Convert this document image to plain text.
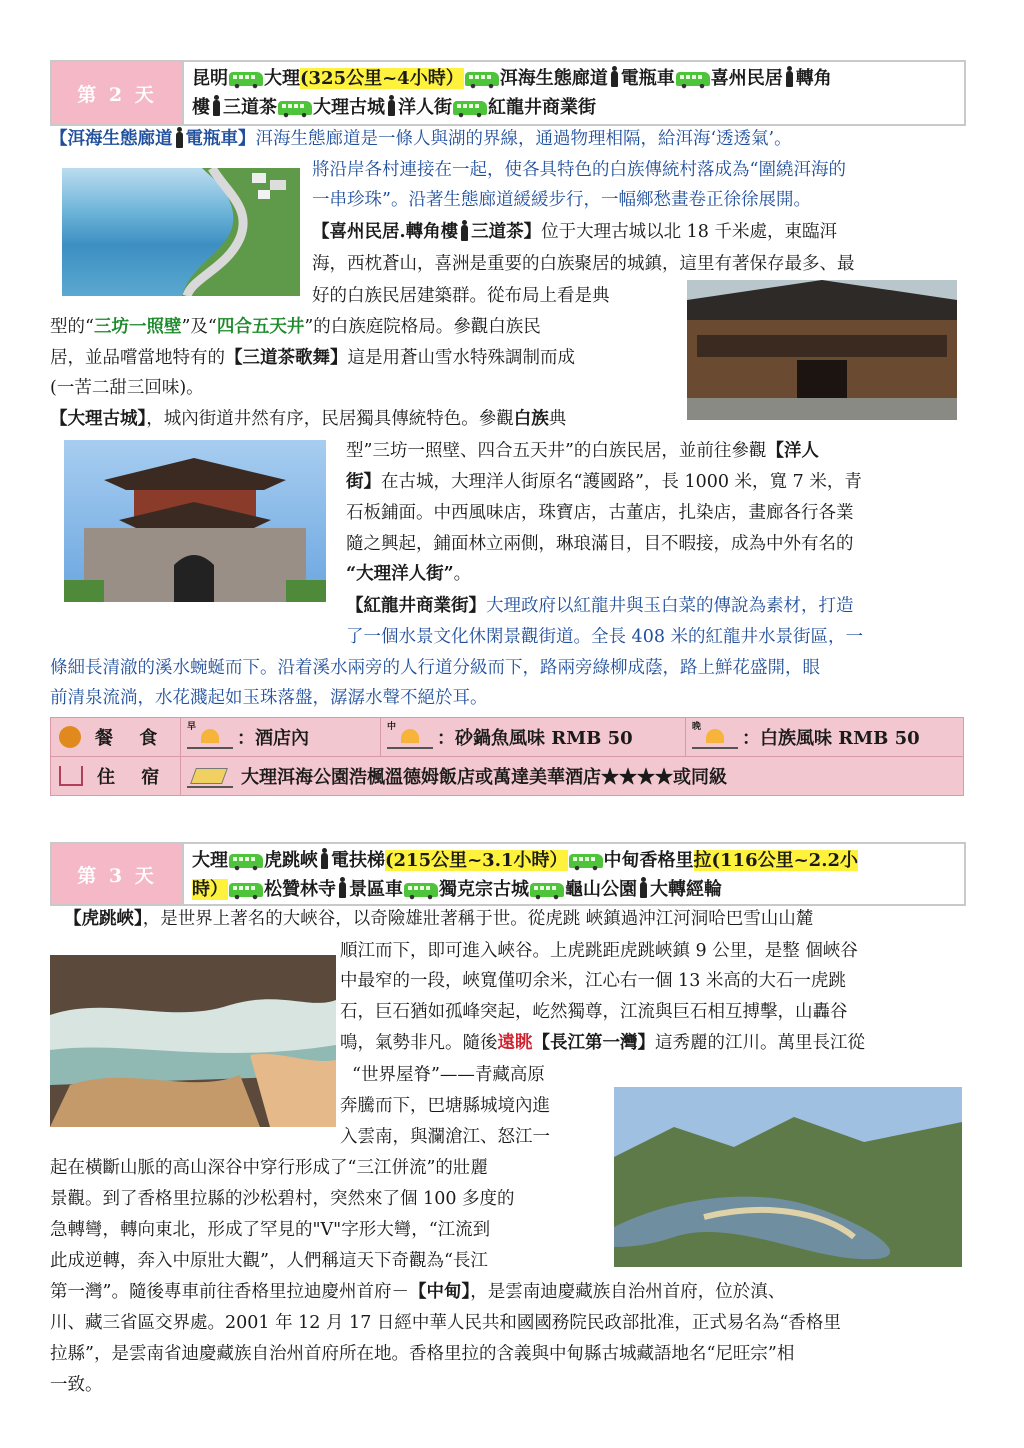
第 2 天
昆明 大理(325公里~4小時） 洱海生態廊道 電瓶車 喜州民居 轉角
樓 三道茶 大理古城 洋人街 紅龍井商業街
【洱海生態廊道 電瓶車】洱海生態廊道是一條人與湖的界線，通過物理相隔，給洱海‘透透氣’。
將沿岸各村連接在一起，使各具特色的白族傳統村落成為“圍繞洱海的
一串珍珠”。沿著生態廊道緩緩步行，一幅鄉愁畫卷正徐徐展開。
【喜州民居.轉角樓 三道茶】位于大理古城以北 18 千米處，東臨洱
海，西枕蒼山，喜洲是重要的白族聚居的城鎮，這里有著保存最多、最
好的白族民居建築群。從布局上看是典
型的“三坊一照壁”及“四合五天井”的白族庭院格局。參觀白族民
居，並品嚐當地特有的【三道茶歌舞】這是用蒼山雪水特殊調制而成
(一苦二甜三回味)。
【大理古城】，城內街道井然有序，民居獨具傳統特色。參觀白族典
型”三坊一照壁、四合五天井”的白族民居，並前往參觀【洋人
街】在古城，大理洋人街原名“護國路”，長 1000 米，寬 7 米，青
石板鋪面。中西風味店，珠寶店，古董店，扎染店，畫廊各行各業
隨之興起，鋪面林立兩側，琳琅滿目，目不暇接，成為中外有名的
“大理洋人街”。
【紅龍井商業街】大理政府以紅龍井與玉白菜的傳說為素材，打造
了一個水景文化休閑景觀街道。全長 408 米的紅龍井水景街區，一
條細長清澈的溪水蜿蜒而下。沿着溪水兩旁的人行道分級而下，路兩旁綠柳成蔭，路上鮮花盛開，眼
前清泉流淌，水花濺起如玉珠落盤，潺潺水聲不絕於耳。
餐 食
早
：酒店內
中
：砂鍋魚風味 RMB 50
晚
：白族風味 RMB 50
住 宿	大理洱海公園浩楓溫德姆飯店或萬達美華酒店★★★★或同級
第 3 天
大理 虎跳峽 電扶梯(215公里~3.1小時） 中甸香格里拉(116公里~2.2小
時） 松贊林寺 景區車 獨克宗古城 龜山公園 大轉經輪
【虎跳峽】，是世界上著名的大峽谷，以奇險雄壯著稱于世。從虎跳 峽鎮過沖江河洞哈巴雪山山麓
順江而下，即可進入峽谷。上虎跳距虎跳峽鎮 9 公里，是整 個峽谷
中最窄的一段，峽寬僅叨余米，江心右一個 13 米高的大石一虎跳
石，巨石猶如孤峰突起，屹然獨尊，江流與巨石相互搏擊，山轟谷
鳴，氣勢非凡。隨後遠眺【長江第一灣】這秀麗的江川。萬里長江從
“世界屋脊”——青藏高原
奔騰而下，巴塘縣城境內進
入雲南，與瀾滄江、怒江一
起在橫斷山脈的高山深谷中穿行形成了“三江併流”的壯麗
景觀。到了香格里拉縣的沙松碧村，突然來了個 100 多度的
急轉彎，轉向東北，形成了罕見的"V"字形大彎，“江流到
此成逆轉，奔入中原壯大觀”，人們稱這天下奇觀為“長江
第一灣”。隨後專車前往香格里拉迪慶州首府－【中甸】，是雲南迪慶藏族自治州首府，位於滇、
川、藏三省區交界處。2001 年 12 月 17 日經中華人民共和國國務院民政部批准，正式易名為“香格里
拉縣”，是雲南省迪慶藏族自治州首府所在地。香格里拉的含義與中甸縣古城藏語地名“尼旺宗”相
一致。
